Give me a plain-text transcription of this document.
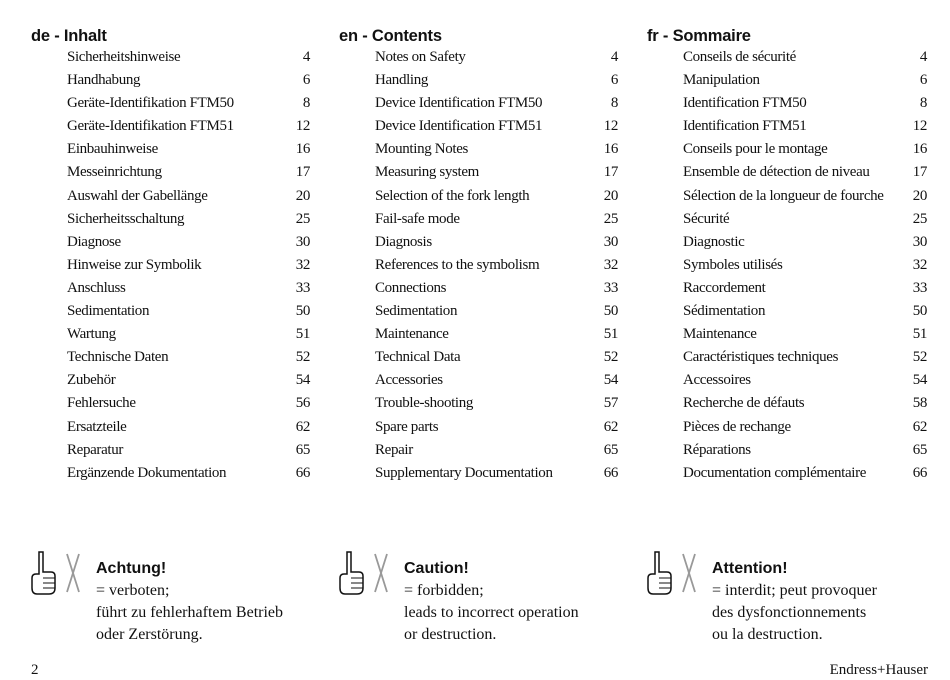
de - Inhalt
Sicherheitshinweise	4
Handhabung	6
Geräte-Identifikation FTM50	8
Geräte-Identifikation FTM51	12
Einbauhinweise	16
Messeinrichtung	17
Auswahl der Gabellänge	20
Sicherheitsschaltung	25
Diagnose	30
Hinweise zur Symbolik	32
Anschluss	33
Sedimentation	50
Wartung	51
Technische Daten	52
Zubehör	54
Fehlersuche	56
Ersatzteile	62
Reparatur	65
Ergänzende Dokumentation	66
en - Contents
Notes on Safety	4
Handling	6
Device Identification FTM50	8
Device Identification FTM51	12
Mounting Notes	16
Measuring system	17
Selection of the fork length	20
Fail-safe mode	25
Diagnosis	30
References to the symbolism	32
Connections	33
Sedimentation	50
Maintenance	51
Technical Data	52
Accessories	54
Trouble-shooting	57
Spare parts	62
Repair	65
Supplementary Documentation	66
fr - Sommaire
Conseils de sécurité	4
Manipulation	6
Identification FTM50	8
Identification FTM51	12
Conseils pour le montage	16
Ensemble de détection de niveau	17
Sélection de la longueur de fourche 20
Sécurité	25
Diagnostic	30
Symboles utilisés	32
Raccordement	33
Sédimentation	50
Maintenance	51
Caractéristiques techniques	52
Accessoires	54
Recherche de défauts	58
Pièces de rechange	62
Réparations	65
Documentation complémentaire	66
Achtung!
= verboten;
führt zu fehlerhaftem Betrieb
oder Zerstörung.
Caution!
= forbidden;
leads to incorrect operation
or destruction.
Attention!
= interdit; peut provoquer
des dysfonctionnements
ou la destruction.
2	Endress+Hauser
